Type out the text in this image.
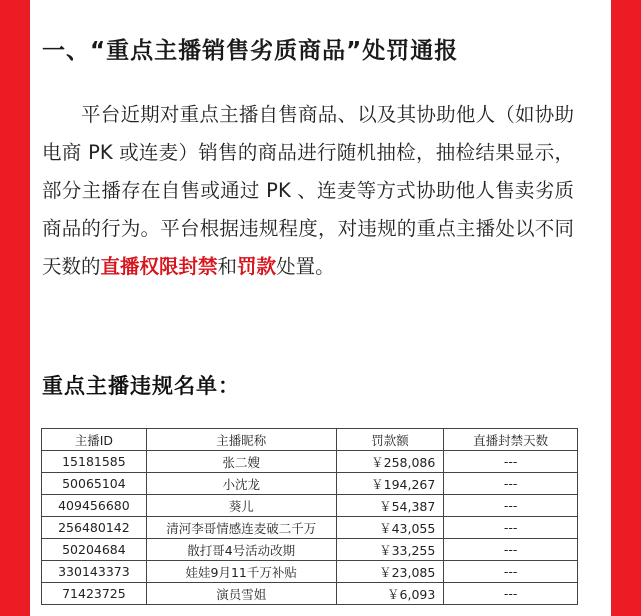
一、“重点主播销售劣质商品”处罚通报
平台近期对重点主播自售商品、以及其协助他人（如协助电商 PK 或连麦）销售的商品进行随机抽检，抽检结果显示，部分主播存在自售或通过 PK 、连麦等方式协助他人售卖劣质商品的行为。平台根据违规程度，对违规的重点主播处以不同天数的直播权限封禁和罚款处置。
重点主播违规名单：
主播ID	主播昵称	罚款额	直播封禁天数
15181585	张二嫂	￥258,086	---
50065104	小沈龙	￥194,267	---
409456680	葵儿	￥54,387	---
256480142	清河李哥情感连麦破二千万	￥43,055	---
50204684	散打哥4号活动改期	￥33,255	---
330143373	娃娃9月11千万补贴	￥23,085	---
71423725	演员雪姐	￥6,093	---
